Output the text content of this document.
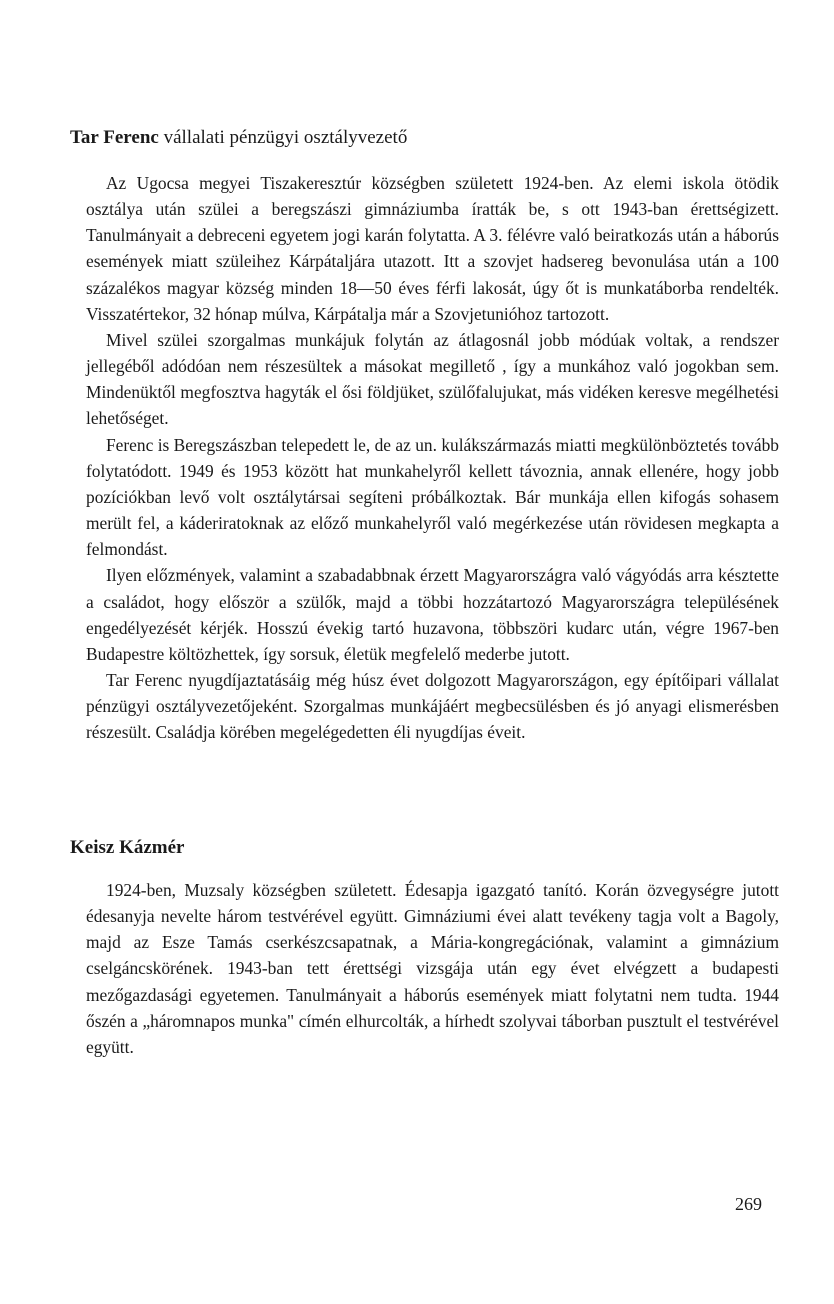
Tar Ferenc vállalati pénzügyi osztályvezető

Az Ugocsa megyei Tiszakeresztúr községben született 1924-ben. Az elemi iskola ötödik osztálya után szülei a beregszászi gimnáziumba íratták be, s ott 1943-ban érettségizett. Tanulmányait a debreceni egyetem jogi karán folytatta. A 3. félévre való beiratkozás után a háborús események miatt szüleihez Kárpátaljára utazott. Itt a szovjet hadsereg bevonulása után a 100 százalékos magyar község minden 18—50 éves férfi lakosát, úgy őt is munkatáborba rendelték. Visszatértekor, 32 hónap múlva, Kárpátalja már a Szovjetunióhoz tartozott.

Mivel szülei szorgalmas munkájuk folytán az átlagosnál jobb módúak voltak, a rendszer jellegéből adódóan nem részesültek a másokat megillető , így a munkához való jogokban sem. Mindenüktől megfosztva hagyták el ősi földjüket, szülőfalujukat, más vidéken keresve megélhetési lehetőséget.

Ferenc is Beregszászban telepedett le, de az un. kulákszármazás miatti megkülönböztetés tovább folytatódott. 1949 és 1953 között hat munkahelyről kellett távoznia, annak ellenére, hogy jobb pozíciókban levő volt osztálytársai segíteni próbálkoztak. Bár munkája ellen kifogás sohasem merült fel, a káderiratoknak az előző munkahelyről való megérkezése után rövidesen megkapta a felmondást.

Ilyen előzmények, valamint a szabadabbnak érzett Magyarországra való vágyódás arra késztette a családot, hogy először a szülők, majd a többi hozzátartozó Magyarországra településének engedélyezését kérjék. Hosszú évekig tartó huzavona, többszöri kudarc után, végre 1967-ben Budapestre költözhettek, így sorsuk, életük megfelelő mederbe jutott.

Tar Ferenc nyugdíjaztatásáig még húsz évet dolgozott Magyarországon, egy építőipari vállalat pénzügyi osztályvezetőjeként. Szorgalmas munkájáért megbecsülésben és jó anyagi elismerésben részesült. Családja körében megelégedetten éli nyugdíjas éveit.

Keisz Kázmér

1924-ben, Muzsaly községben született. Édesapja igazgató tanító. Korán özvegységre jutott édesanyja nevelte három testvérével együtt. Gimnáziumi évei alatt tevékeny tagja volt a Bagoly, majd az Esze Tamás cserkészcsapatnak, a Mária-kongregációnak, valamint a gimnázium cselgáncskörének. 1943-ban tett érettségi vizsgája után egy évet elvégzett a budapesti mezőgazdasági egyetemen. Tanulmányait a háborús események miatt folytatni nem tudta. 1944 őszén a „háromnapos munka" címén elhurcolták, a hírhedt szolyvai táborban pusztult el testvérével együtt.

269
